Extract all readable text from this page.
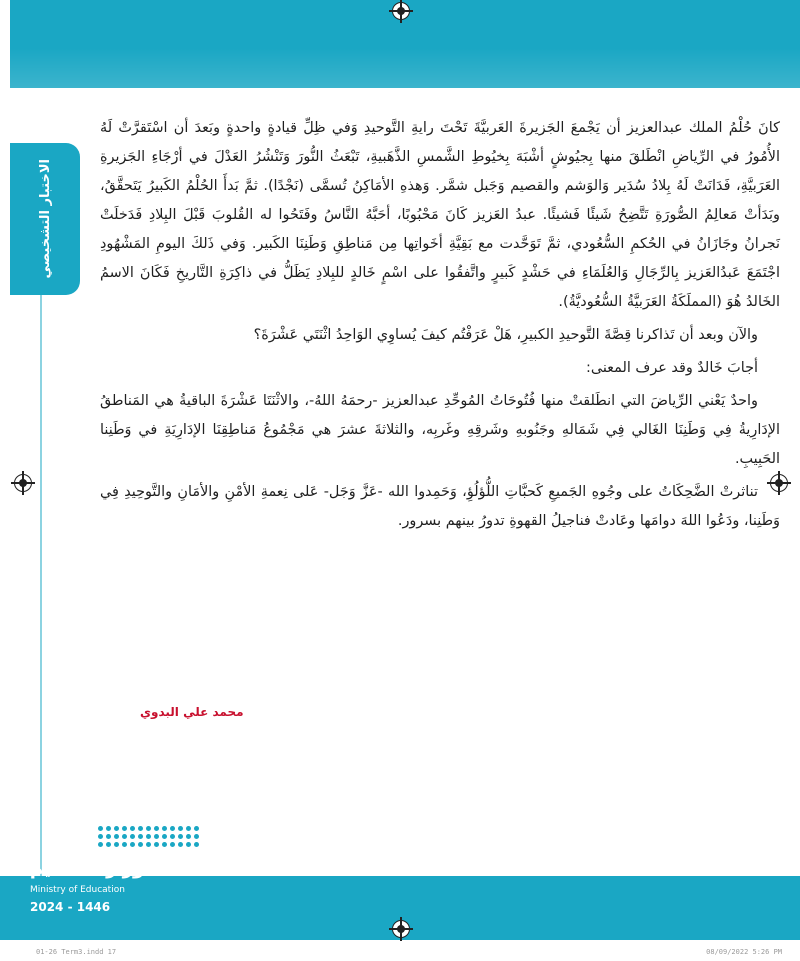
الاختبار التشخيصي

كانَ حُلْمُ الملك عبدالعزيز أن يَجْمعَ الجَزيرةَ العَربيَّةَ تَحْتَ رايةِ التَّوحيدِ وَفي ظِلِّ قيادةٍ واحدةٍ وبَعدَ أن اسْتَقرَّتْ لَهُ الأُمُورُ في الرِّياضِ انْطَلقَ منها بِجيُوشٍ أشْبَهَ بِخيُوطِ الشَّمسِ الذَّهَبيةِ، تَبْعَثُ النُّورَ وَتَنْشُرُ العَدْلَ في أرْجَاءِ الجَزيرةِ العَرَبيَّةِ، فَدَانَتْ لَهُ بِلادُ سُدَير وَالوَشم والقصيم وَجَبل شمَّر. وَهذهِ الأمَاكِنُ تُسمَّى (نَجْدًا). ثمَّ بَدأَ الحُلْمُ الكَبيرُ يَتَحقَّقُ، وبَدَأتْ مَعالِمُ الصُّورَةِ تَتَّضِحُ شَيئًا فَشيئًا. عبدُ العَزيز كَانَ مَحْبُوبًا، أحَبَّهُ النَّاسُ وفَتَحُوا له القُلوبَ قَبْلَ البِلادِ فَدَخلَتْ نَجرانُ وجَازَانُ في الحُكمِ السُّعُودي، ثمَّ تَوَحَّدت مع بَقِيَّةِ أخَواتِها مِن مَناطِقِ وَطَنِنَا الكَبير. وَفي ذَلكَ اليومِ المَشْهُودِ اجْتَمَعَ عَبدُالعَزيز بِالرِّجَالِ وَالعُلَمَاءِ في حَشْدٍ كَبيرٍ واتَّفقُوا على اسْمٍ خَالدٍ للبِلادِ يَظَلُّ في ذاكِرَةِ التَّاريخِ فَكَانَ الاسمُ الخَالدُ هُوَ (المملَكَةُ العَرَبيَّةُ السُّعُوديَّةُ).

والآن وبعد أن تَذاكرنا قِصَّةَ التَّوحيدِ الكبيرِ، هَلْ عَرَفْتُم كيفَ يُساوِي الوَاحِدُ اثْنَتَي عَشْرَةَ؟

أجابَ خَالدٌ وقد عرف المعنى:

واحدٌ يَعْني الرِّياضَ التي انطَلقتْ منها فُتُوحَاتُ المُوحِّدِ عبدالعزيز -رحمَهُ اللهُ-، والاثْنَتَا عَشْرَةَ الباقيةُ هي المَناطقُ الإدَارِيةُ فِي وَطَنِنَا الغَالي فِي شَمَالهِ وجَنُوبهِ وشَرقِهِ وغَربِه، والثلاثةَ عشرَ هي مَجْمُوعُ مَناطِقِنَا الإدَارِيَةِ في وَطَنِنا الحَبِيبِ.

تناثرتْ الضَّحِكَاتُ على وجُوهِ الجَميعِ كَحبَّاتِ اللُّؤلُؤِ، وَحَمِدوا الله -عَزَّ وَجَل- عَلى نِعمةِ الأمْنِ والأمَانِ والتَّوحِيدِ فِي وَطَنِنا، ودَعُوا اللهَ دوامَها وعَادتْ فناجيلُ القهوةِ تدورُ بينهم بسرور.

محمد علي البدوي
وزارة التعليم
Ministry of Education
2024 - 1446
01-26 Term3.indd 17	08/09/2022 5:26 PM
